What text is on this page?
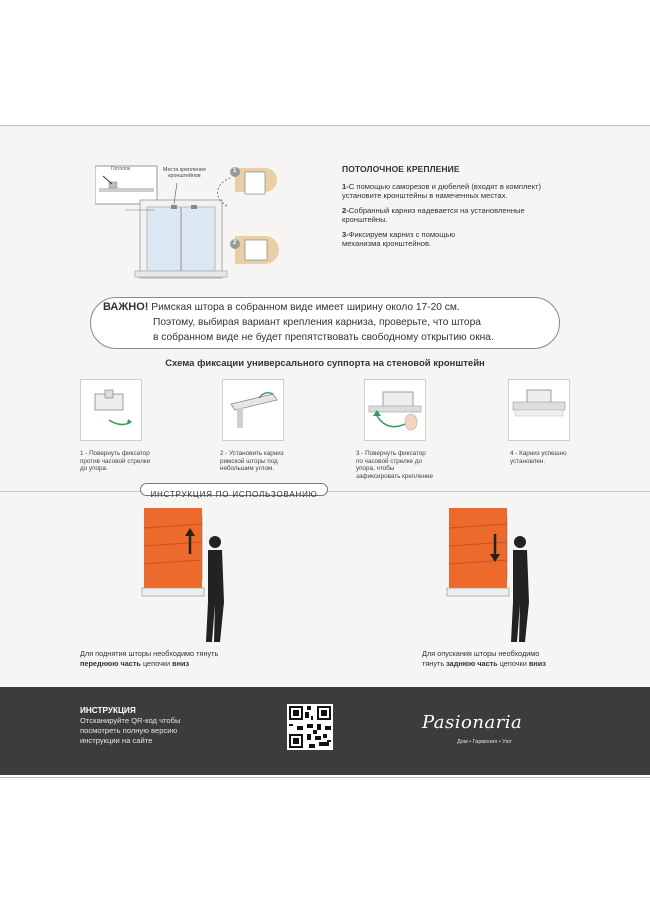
Потолок	Места крепления
кронштейнов
1
2
ПОТОЛОЧНОЕ КРЕПЛЕНИЕ
1-С помощью саморезов и дюбелей (входят в комплект)
установите кронштейны в намеченных местах.
2-Собранный карниз надевается на установленные
кронштейны.
3-Фиксируем карниз с помощью
механизма кронштейнов.
ВАЖНО! Римская штора в собранном виде имеет ширину около 17-20 см.
Поэтому, выбирая вариант крепления карниза, проверьте, что штора
в собранном виде не будет препятствовать свободному открытию окна.
Схема фиксации универсального суппорта на стеновой кронштейн
1 - Повернуть фиксатор
против часовой стрелки
до упора.
2 - Установить карниз
римской шторы под
небольшим углом.
3 - Повернуть фиксатор
по часовой стрелке до
упора, чтобы
зафиксировать крепление
4 - Карниз успешно
установлен.
ИНСТРУКЦИЯ ПО ИСПОЛЬЗОВАНИЮ
Для поднятия шторы необходимо тянуть
переднюю часть цепочки вниз
Для опускания шторы необходимо
тянуть заднюю часть цепочки вниз
ИНСТРУКЦИЯ
Отсканируйте QR-код чтобы
посмотреть полную версию
инструкции на сайте
Pasionaria
Дом • Гармония • Уют
